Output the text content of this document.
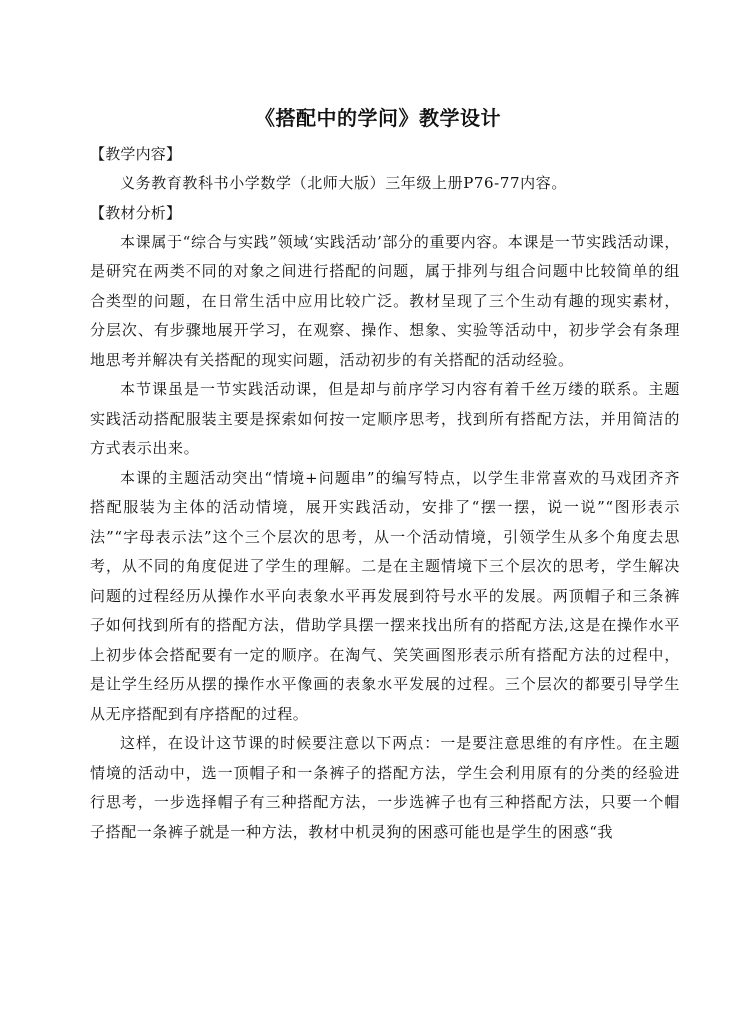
《搭配中的学问》教学设计

【教学内容】

义务教育教科书小学数学（北师大版）三年级上册P76-77内容。

【教材分析】

本课属于“综合与实践”领域‘实践活动’部分的重要内容。本课是一节实践活动课，是研究在两类不同的对象之间进行搭配的问题，属于排列与组合问题中比较简单的组合类型的问题，在日常生活中应用比较广泛。教材呈现了三个生动有趣的现实素材，分层次、有步骤地展开学习，在观察、操作、想象、实验等活动中，初步学会有条理地思考并解决有关搭配的现实问题，活动初步的有关搭配的活动经验。

本节课虽是一节实践活动课，但是却与前序学习内容有着千丝万缕的联系。主题实践活动搭配服装主要是探索如何按一定顺序思考，找到所有搭配方法，并用简洁的方式表示出来。

本课的主题活动突出“情境+问题串”的编写特点，以学生非常喜欢的马戏团齐齐搭配服装为主体的活动情境，展开实践活动，安排了“摆一摆，说一说”“图形表示法”“字母表示法”这个三个层次的思考，从一个活动情境，引领学生从多个角度去思考，从不同的角度促进了学生的理解。二是在主题情境下三个层次的思考，学生解决问题的过程经历从操作水平向表象水平再发展到符号水平的发展。两顶帽子和三条裤子如何找到所有的搭配方法，借助学具摆一摆来找出所有的搭配方法,这是在操作水平上初步体会搭配要有一定的顺序。在淘气、笑笑画图形表示所有搭配方法的过程中，是让学生经历从摆的操作水平像画的表象水平发展的过程。三个层次的都要引导学生从无序搭配到有序搭配的过程。

这样，在设计这节课的时候要注意以下两点：一是要注意思维的有序性。在主题情境的活动中，选一顶帽子和一条裤子的搭配方法，学生会利用原有的分类的经验进行思考，一步选择帽子有三种搭配方法，一步选裤子也有三种搭配方法，只要一个帽子搭配一条裤子就是一种方法，教材中机灵狗的困惑可能也是学生的困惑“我
